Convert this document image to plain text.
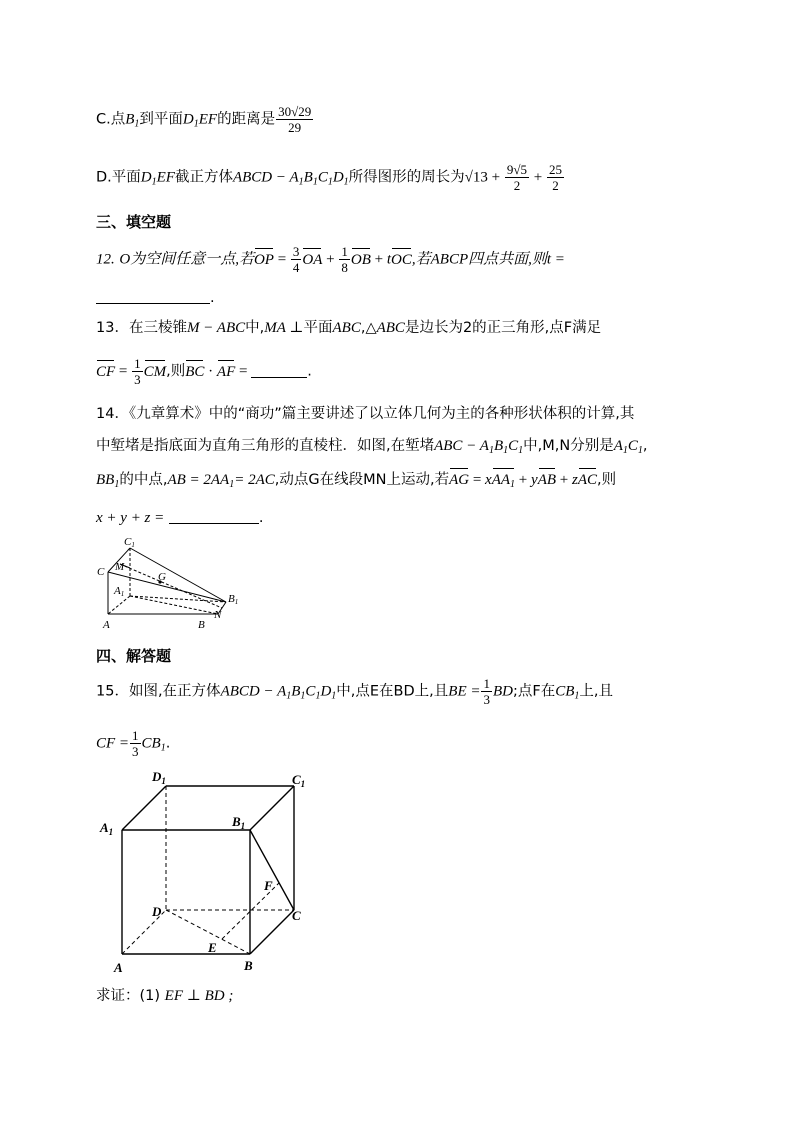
C.点$B_1$到平面$D_1EF$的距离是 $\frac{30√29}{29}$
D.平面$D_1EF$截正方体ABCD − $A_1B_1C_1D_1$所得图形的周长为$√13 + \frac{9√5}{2} + \frac{25}{2}$
三、填空题
12. O为空间任意一点,若OP = $\frac{3}{4}$ OA + $\frac{1}{8}$ OB + tOC,若ABCP四点共面,则t =
.
13．在三棱锥M − ABC中,MA ⊥平面ABC,△ABC是边长为2的正三角形,点F满足
CF = $\frac{1}{3}$ CM,则BC · AF =	.
14．《九章算术》中的“商功”篇主要讲述了以立体几何为主的各种形状体积的计算,其
中堑堵是指底面为直角三角形的直棱柱．如图,在堑堵ABC − $A_1B_1C_1$中,M,N分别是$A_1C_1$,
$BB_1$的中点$,AB = 2AA_1= 2AC$,动点G在线段MN上运动,若AG = xAA$_1$ + yAB + zAC,则
x + y + z =	.
C1
C M
G
A1	B1
A	B
N
四、解答题
15．如图,在正方体ABCD − $A_1B_1C_1D_1$中,点E在BD上,且BE = $\frac{1}{3}$ BD;点F在$CB_1$上,且
CF = $\frac{1}{3} CB_1$.
$D_1$	$C_1$
$A_1$
$B_1$
F
D	C
E
A	B
求证：(1) EF ⊥ BD ;
